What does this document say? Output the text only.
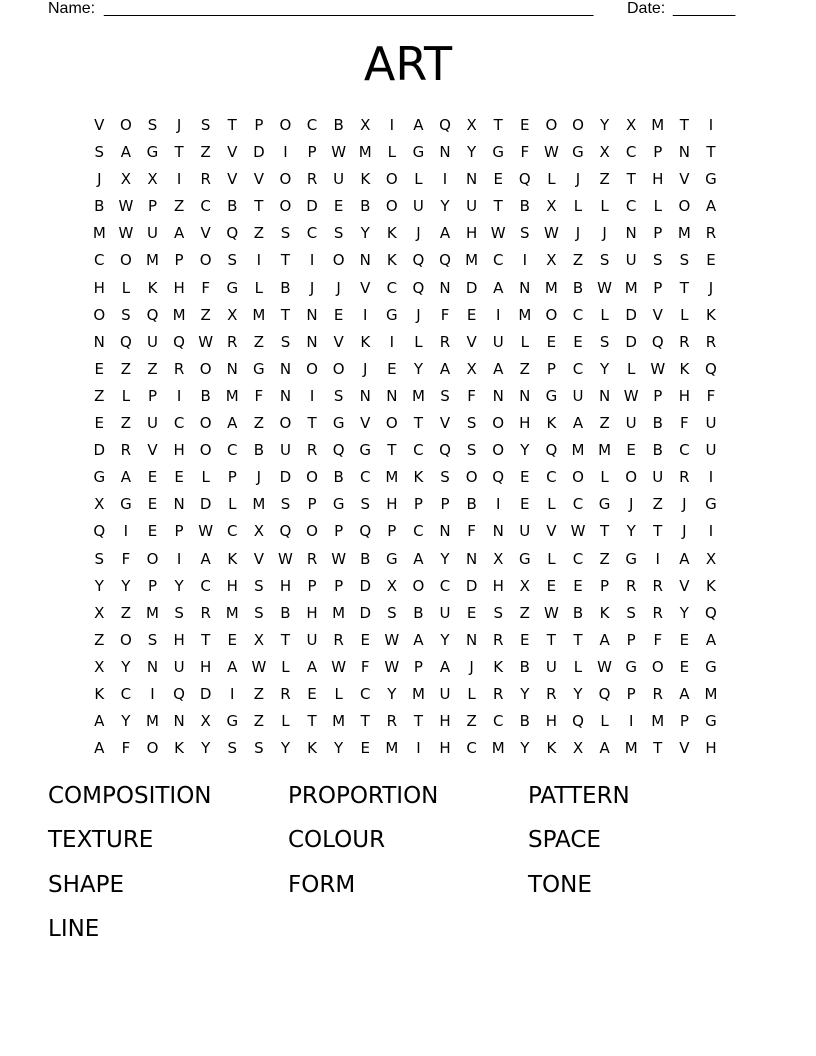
Name: _______________________________________________________ Date: _______
ART
V	O	S	J	S	T	P	O	C	B	X	I	A	Q	X	T	E	O O	Y	X M	T	I
S	A	G	T	Z	V	D	I	P W M	L	G	N	Y	G	F W G	X	C	P	N	T
J	X	X	I	R	V	V	O	R	U	K	O	L	I	N	E	Q	L	J	Z	T	H	V	G
B W P	Z	C	B	T	O D	E	B	O	U	Y	U	T	B	X	L	L	C	L	O	A
M W U	A	V	Q	Z	S	C	S	Y	K	J	A	H W S W	J	J	N	P	M R
C	O M	P	O	S	I	T	I	O	N	K	Q Q M C	I	X	Z	S	U	S	S	E
H	L	K	H	F	G	L	B	J	J	V	C	Q	N	D	A	N M B W M	P	T	J
O	S	Q M Z	X M	T	N	E	I	G	J	F	E	I	M O	C	L	D	V	L	K
N	Q	U	Q W R	Z	S	N	V	K	I	L	R	V	U	L	E	E	S	D Q	R	R
E	Z	Z	R	O	N	G	N	O O	J	E	Y	A	X	A	Z	P	C	Y	L	W K	Q
Z	L	P	I	B M	F	N	I	S	N	N M	S	F	N	N	G	U	N W P	H	F
E	Z	U	C	O	A	Z	O	T	G	V	O	T	V	S	O	H	K	A	Z	U	B	F	U
D	R	V	H	O	C	B	U	R	Q G	T	C	Q	S	O	Y	Q M M	E	B	C	U
G	A	E	E	L	P	J	D O	B	C M	K	S	O Q	E	C	O	L	O	U	R	I
X	G	E	N	D	L	M	S	P	G	S	H	P	P	B	I	E	L	C	G	J	Z	J	G
Q	I	E	P W C	X	Q O	P	Q	P	C	N	F	N	U	V W T	Y	T	J	I
S	F	O	I	A	K	V W R W B	G	A	Y	N	X	G	L	C	Z	G	I	A	X
Y	Y	P	Y	C	H	S	H	P	P	D	X	O	C	D	H	X	E	E	P	R	R	V	K
X	Z M	S	R M	S	B	H M D	S	B	U	E	S	Z W B	K	S	R	Y	Q
Z	O	S	H	T	E	X	T	U	R	E W A	Y	N	R	E	T	T	A	P	F	E	A
X	Y	N	U	H	A W L	A W F W P	A	J	K	B	U	L	W G O	E	G
K	C	I	Q D	I	Z	R	E	L	C	Y	M U	L	R	Y	R	Y	Q	P	R	A M
A	Y	M N	X	G	Z	L	T	M	T	R	T	H	Z	C	B	H	Q	L	I	M	P	G
A	F	O	K	Y	S	S	Y	K	Y	E	M	I	H	C M	Y	K	X	A M	T	V	H
COMPOSITION	PROPORTION	PATTERN
TEXTURE	COLOUR	SPACE
SHAPE	FORM	TONE
LINE
